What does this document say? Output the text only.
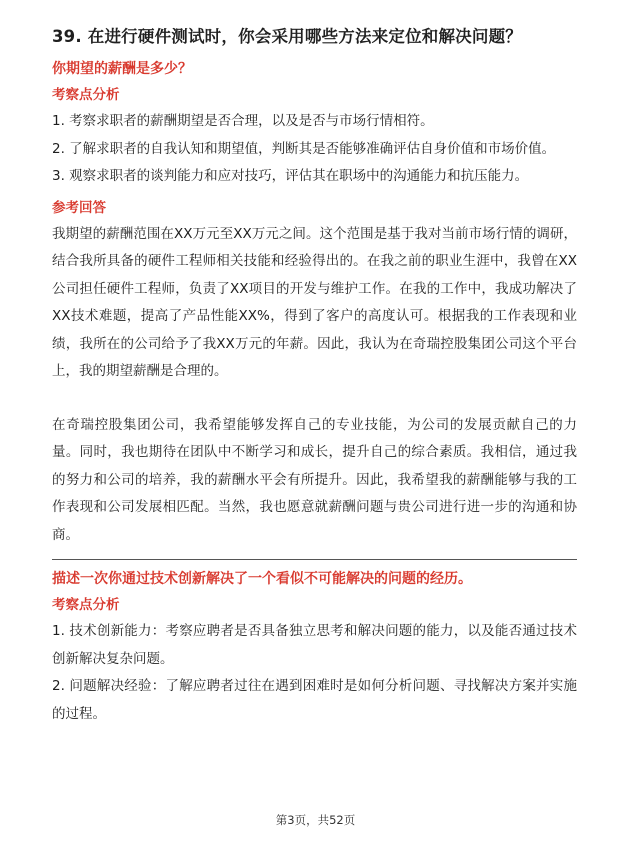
39. 在进行硬件测试时，你会采用哪些方法来定位和解决问题？

你期望的薪酬是多少？

考察点分析

1. 考察求职者的薪酬期望是否合理，以及是否与市场行情相符。

2. 了解求职者的自我认知和期望值，判断其是否能够准确评估自身价值和市场价值。

3. 观察求职者的谈判能力和应对技巧，评估其在职场中的沟通能力和抗压能力。

参考回答

我期望的薪酬范围在XX万元至XX万元之间。这个范围是基于我对当前市场行情的调研，结合我所具备的硬件工程师相关技能和经验得出的。在我之前的职业生涯中，我曾在XX公司担任硬件工程师，负责了XX项目的开发与维护工作。在我的工作中，我成功解决了XX技术难题，提高了产品性能XX%，得到了客户的高度认可。根据我的工作表现和业绩，我所在的公司给予了我XX万元的年薪。因此，我认为在奇瑞控股集团公司这个平台上，我的期望薪酬是合理的。

在奇瑞控股集团公司，我希望能够发挥自己的专业技能，为公司的发展贡献自己的力量。同时，我也期待在团队中不断学习和成长，提升自己的综合素质。我相信，通过我的努力和公司的培养，我的薪酬水平会有所提升。因此，我希望我的薪酬能够与我的工作表现和公司发展相匹配。当然，我也愿意就薪酬问题与贵公司进行进一步的沟通和协商。

描述一次你通过技术创新解决了一个看似不可能解决的问题的经历。

考察点分析

1. 技术创新能力：考察应聘者是否具备独立思考和解决问题的能力，以及能否通过技术创新解决复杂问题。

2. 问题解决经验：了解应聘者过往在遇到困难时是如何分析问题、寻找解决方案并实施的过程。

第3页，共52页
